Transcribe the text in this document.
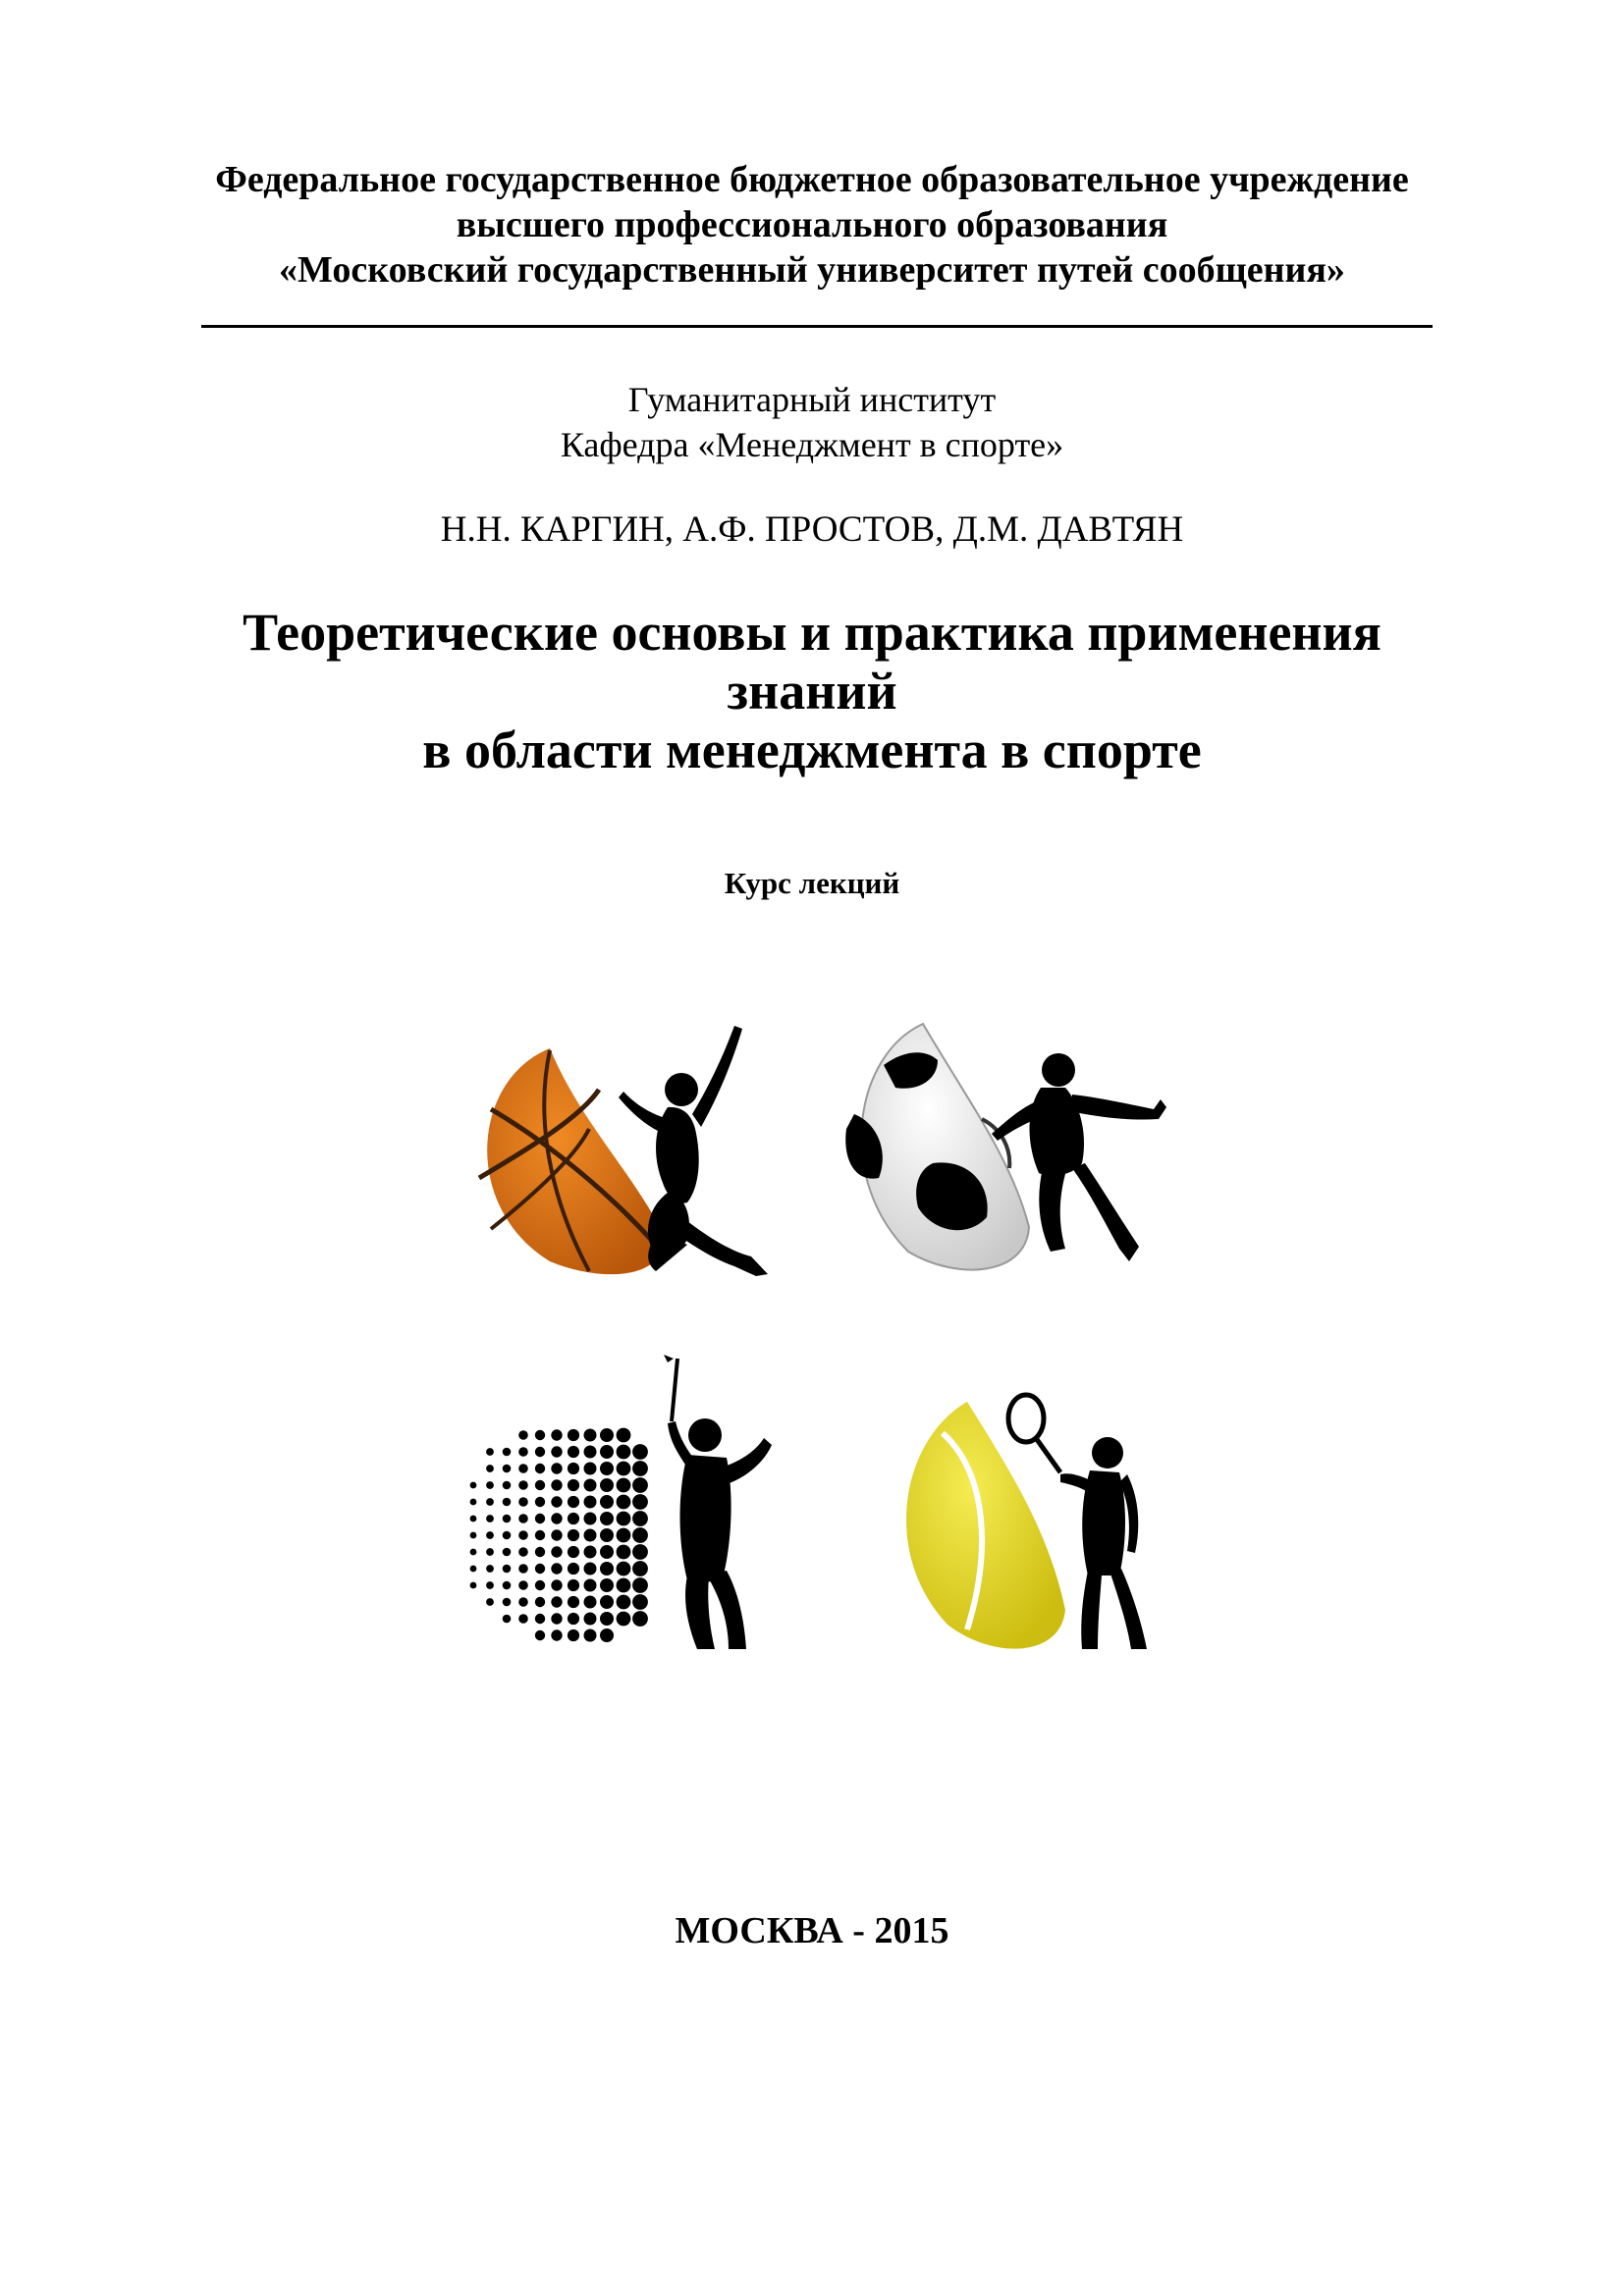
Федеральное государственное бюджетное образовательное учреждение
высшего профессионального образования
«Московский государственный университет путей сообщения»
Гуманитарный институт
Кафедра «Менеджмент в спорте»
Н.Н. КАРГИН, А.Ф. ПРОСТОВ, Д.М. ДАВТЯН
Теоретические основы и практика применения
знаний
в области менеджмента в спорте
Курс лекций
МОСКВА - 2015
